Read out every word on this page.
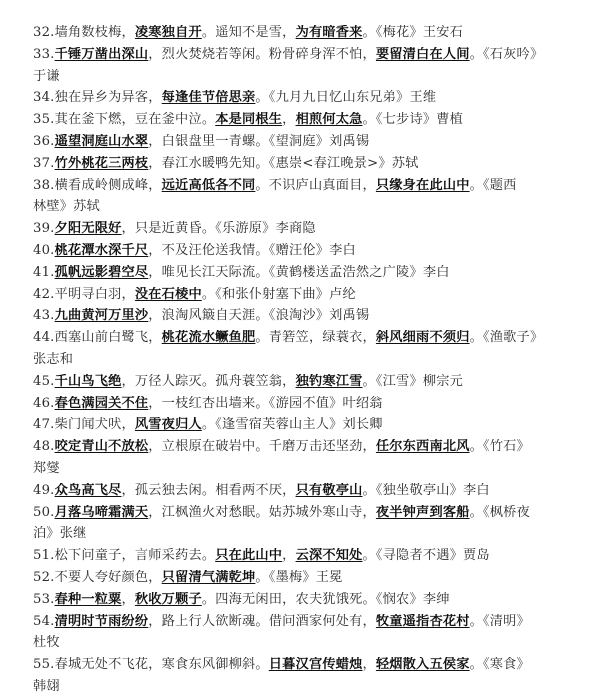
32.墙角数枝梅，凌寒独自开。遥知不是雪，为有暗香来。《梅花》王安石
33.千锤万凿出深山，烈火焚烧若等闲。粉骨碎身浑不怕，要留清白在人间。《石灰吟》
于谦
34.独在异乡为异客，每逢佳节倍思亲。《九月九日忆山东兄弟》王维
35.萁在釜下燃，豆在釜中泣。本是同根生，相煎何太急。《七步诗》曹植
36.遥望洞庭山水翠，白银盘里一青螺。《望洞庭》刘禹锡
37.竹外桃花三两枝，春江水暖鸭先知。《惠崇<春江晚景>》苏轼
38.横看成岭侧成峰，远近高低各不同。不识庐山真面目，只缘身在此山中。《题西
林壁》苏轼
39.夕阳无限好，只是近黄昏。《乐游原》李商隐
40.桃花潭水深千尺，不及汪伦送我情。《赠汪伦》李白
41.孤帆远影碧空尽，唯见长江天际流。《黄鹤楼送孟浩然之广陵》李白
42.平明寻白羽，没在石棱中。《和张仆射塞下曲》卢纶
43.九曲黄河万里沙，浪淘风簸自天涯。《浪淘沙》刘禹锡
44.西塞山前白鹭飞，桃花流水鳜鱼肥。青箬笠，绿蓑衣，斜风细雨不须归。《渔歌子》
张志和
45.千山鸟飞绝，万径人踪灭。孤舟蓑笠翁，独钓寒江雪。《江雪》柳宗元
46.春色满园关不住，一枝红杏出墙来。《游园不值》叶绍翁
47.柴门闻犬吠，风雪夜归人。《逢雪宿芙蓉山主人》刘长卿
48.咬定青山不放松，立根原在破岩中。千磨万击还坚劲，任尔东西南北风。《竹石》
郑燮
49.众鸟高飞尽，孤云独去闲。相看两不厌，只有敬亭山。《独坐敬亭山》李白
50.月落乌啼霜满天，江枫渔火对愁眠。姑苏城外寒山寺，夜半钟声到客船。《枫桥夜
泊》张继
51.松下问童子，言师采药去。只在此山中，云深不知处。《寻隐者不遇》贾岛
52.不要人夸好颜色，只留清气满乾坤。《墨梅》王冕
53.春种一粒粟，秋收万颗子。四海无闲田，农夫犹饿死。《悯农》李绅
54.清明时节雨纷纷，路上行人欲断魂。借问酒家何处有，牧童遥指杏花村。《清明》
杜牧
55.春城无处不飞花，寒食东风御柳斜。日暮汉宫传蜡烛，轻烟散入五侯家。《寒食》
韩翃
